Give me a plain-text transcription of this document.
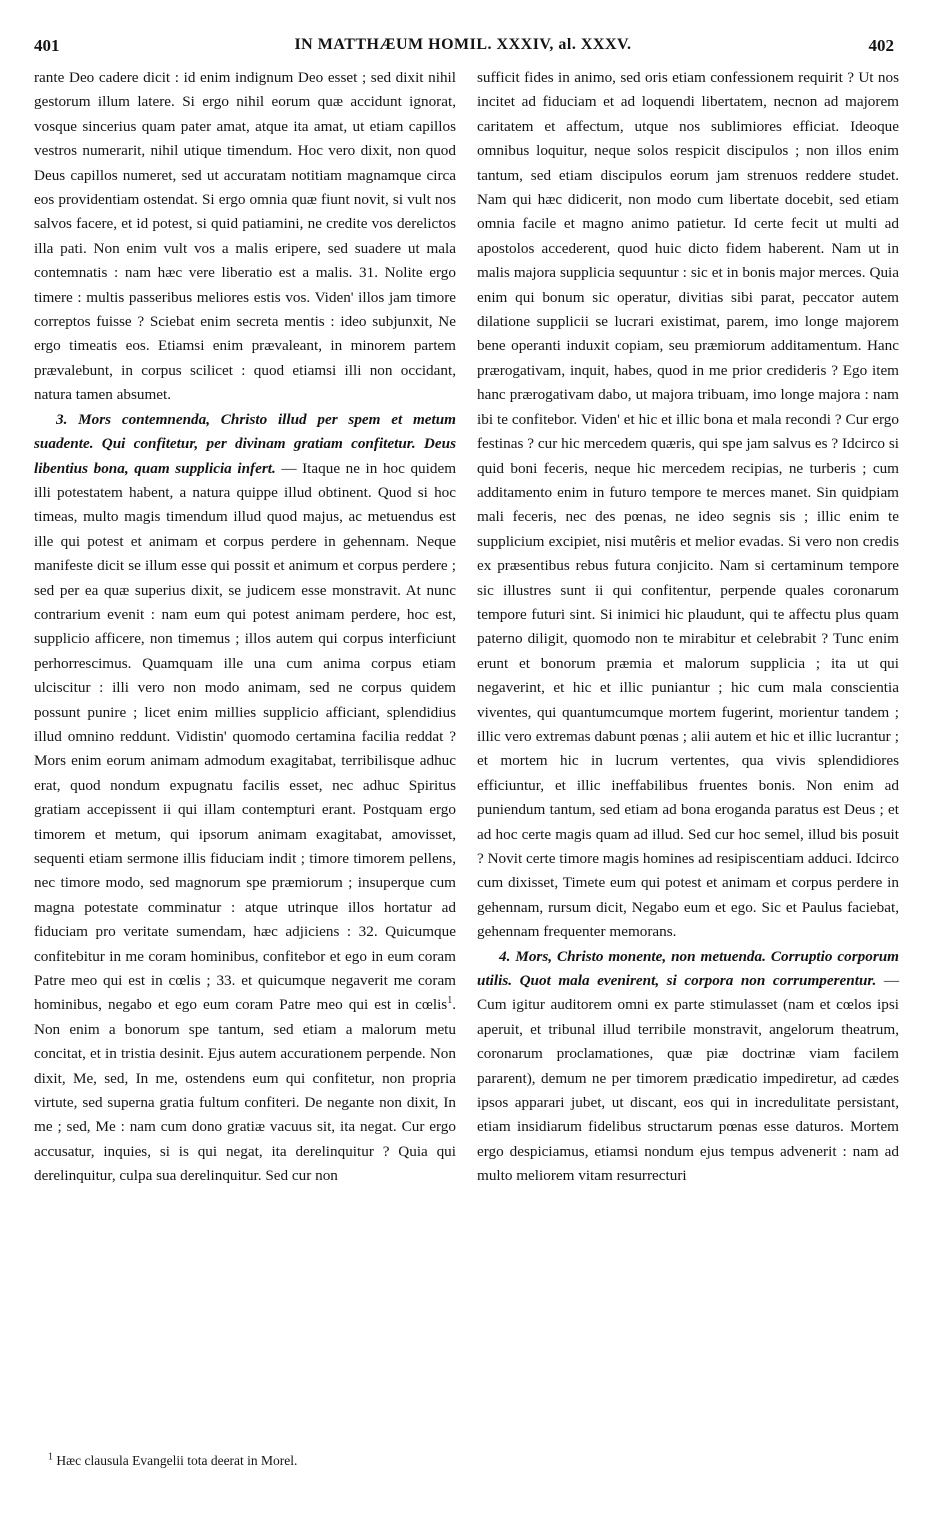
401	IN MATTHÆUM HOMIL. XXXIV, al. XXXV.	402

rante Deo cadere dicit : id enim indignum Deo esset ; sed dixit nihil gestorum illum latere. Si ergo nihil eorum quæ accidunt ignorat, vosque sincerius quam pater amat, atque ita amat, ut etiam capillos vestros numerarit, nihil utique timendum. Hoc vero dixit, non quod Deus capillos numeret, sed ut accuratam notitiam magnamque circa eos providentiam ostendat. Si ergo omnia quæ fiunt novit, si vult nos salvos facere, et id potest, si quid patiamini, ne credite vos derelictos illa pati. Non enim vult vos a malis eripere, sed suadere ut mala contemnatis : nam hæc vere liberatio est a malis. 31. Nolite ergo timere : multis passeribus meliores estis vos. Viden' illos jam timore correptos fuisse ? Sciebat enim secreta mentis : ideo subjunxit, Ne ergo timeatis eos. Etiamsi enim prævaleant, in minorem partem prævalebunt, in corpus scilicet : quod etiamsi illi non occidant, natura tamen absumet.

3. Mors contemnenda, Christo illud per spem et metum suadente. Qui confitetur, per divinam gratiam confitetur. Deus libentius bona, quam supplicia infert. — Itaque ne in hoc quidem illi potestatem habent, a natura quippe illud obtinent. Quod si hoc timeas, multo magis timendum illud quod majus, ac metuendus est ille qui potest et animam et corpus perdere in gehennam. Neque manifeste dicit se illum esse qui possit et animum et corpus perdere ; sed per ea quæ superius dixit, se judicem esse monstravit. At nunc contrarium evenit : nam eum qui potest animam perdere, hoc est, supplicio afficere, non timemus ; illos autem qui corpus interficiunt perhorrescimus. Quamquam ille una cum anima corpus etiam ulciscitur : illi vero non modo animam, sed ne corpus quidem possunt punire ; licet enim millies supplicio afficiant, splendidius illud omnino reddunt. Vidistin' quomodo certamina facilia reddat ? Mors enim eorum animam admodum exagitabat, terribilisque adhuc erat, quod nondum expugnatu facilis esset, nec adhuc Spiritus gratiam accepissent ii qui illam contempturi erant. Postquam ergo timorem et metum, qui ipsorum animam exagitabat, amovisset, sequenti etiam sermone illis fiduciam indit ; timore timorem pellens, nec timore modo, sed magnorum spe præmiorum ; insuperque cum magna potestate comminatur : atque utrinque illos hortatur ad fiduciam pro veritate sumendam, hæc adjiciens : 32. Quicumque confitebitur in me coram hominibus, confitebor et ego in eum coram Patre meo qui est in cœlis ; 33. et quicumque negaverit me coram hominibus, negabo et ego eum coram Patre meo qui est in cœlis$^1$. Non enim a bonorum spe tantum, sed etiam a malorum metu concitat, et in tristia desinit. Ejus autem accurationem perpende. Non dixit, Me, sed, In me, ostendens eum qui confitetur, non propria virtute, sed superna gratia fultum confiteri. De negante non dixit, In me ; sed, Me : nam cum dono gratiæ vacuus sit, ita negat. Cur ergo accusatur, inquies, si is qui negat, ita derelinquitur ? Quia qui derelinquitur, culpa sua derelinquitur. Sed cur non

sufficit fides in animo, sed oris etiam confessionem requirit ? Ut nos incitet ad fiduciam et ad loquendi libertatem, necnon ad majorem caritatem et affectum, utque nos sublimiores efficiat. Ideoque omnibus loquitur, neque solos respicit discipulos ; non illos enim tantum, sed etiam discipulos eorum jam strenuos reddere studet. Nam qui hæc didicerit, non modo cum libertate docebit, sed etiam omnia facile et magno animo patietur. Id certe fecit ut multi ad apostolos accederent, quod huic dicto fidem haberent. Nam ut in malis majora supplicia sequuntur : sic et in bonis major merces. Quia enim qui bonum sic operatur, divitias sibi parat, peccator autem dilatione supplicii se lucrari existimat, parem, imo longe majorem bene operanti induxit copiam, seu præmiorum additamentum. Hanc prærogativam, inquit, habes, quod in me prior credideris ? Ego item hanc prærogativam dabo, ut majora tribuam, imo longe majora : nam ibi te confitebor. Viden' et hic et illic bona et mala recondi ? Cur ergo festinas ? cur hic mercedem quæris, qui spe jam salvus es ? Idcirco si quid boni feceris, neque hic mercedem recipias, ne turberis ; cum additamento enim in futuro tempore te merces manet. Sin quidpiam mali feceris, nec des pœnas, ne ideo segnis sis ; illic enim te supplicium excipiet, nisi mutêris et melior evadas. Si vero non credis ex præsentibus rebus futura conjicito. Nam si certaminum tempore sic illustres sunt ii qui confitentur, perpende quales coronarum tempore futuri sint. Si inimici hic plaudunt, qui te affectu plus quam paterno diligit, quomodo non te mirabitur et celebrabit ? Tunc enim erunt et bonorum præmia et malorum supplicia ; ita ut qui negaverint, et hic et illic puniantur ; hic cum mala conscientia viventes, qui quantumcumque mortem fugerint, morientur tandem ; illic vero extremas dabunt pœnas ; alii autem et hic et illic lucrantur ; et mortem hic in lucrum vertentes, qua vivis splendidiores efficiuntur, et illic ineffabilibus fruentes bonis. Non enim ad puniendum tantum, sed etiam ad bona eroganda paratus est Deus ; et ad hoc certe magis quam ad illud. Sed cur hoc semel, illud bis posuit ? Novit certe timore magis homines ad resipiscentiam adduci. Idcirco cum dixisset, Timete eum qui potest et animam et corpus perdere in gehennam, rursum dicit, Negabo eum et ego. Sic et Paulus faciebat, gehennam frequenter memorans.

4. Mors, Christo monente, non metuenda. Corruptio corporum utilis. Quot mala evenirent, si corpora non corrumperentur. — Cum igitur auditorem omni ex parte stimulasset (nam et cœlos ipsi aperuit, et tribunal illud terribile monstravit, angelorum theatrum, coronarum proclamationes, quæ piæ doctrinæ viam facilem pararent), demum ne per timorem prædicatio impediretur, ad cædes ipsos apparari jubet, ut discant, eos qui in incredulitate persistant, etiam insidiarum fidelibus structarum pœnas esse daturos. Mortem ergo despiciamus, etiamsi nondum ejus tempus advenerit : nam ad multo meliorem vitam resurrecturi

$^1$ Hæc clausula Evangelii tota deerat in Morel.
